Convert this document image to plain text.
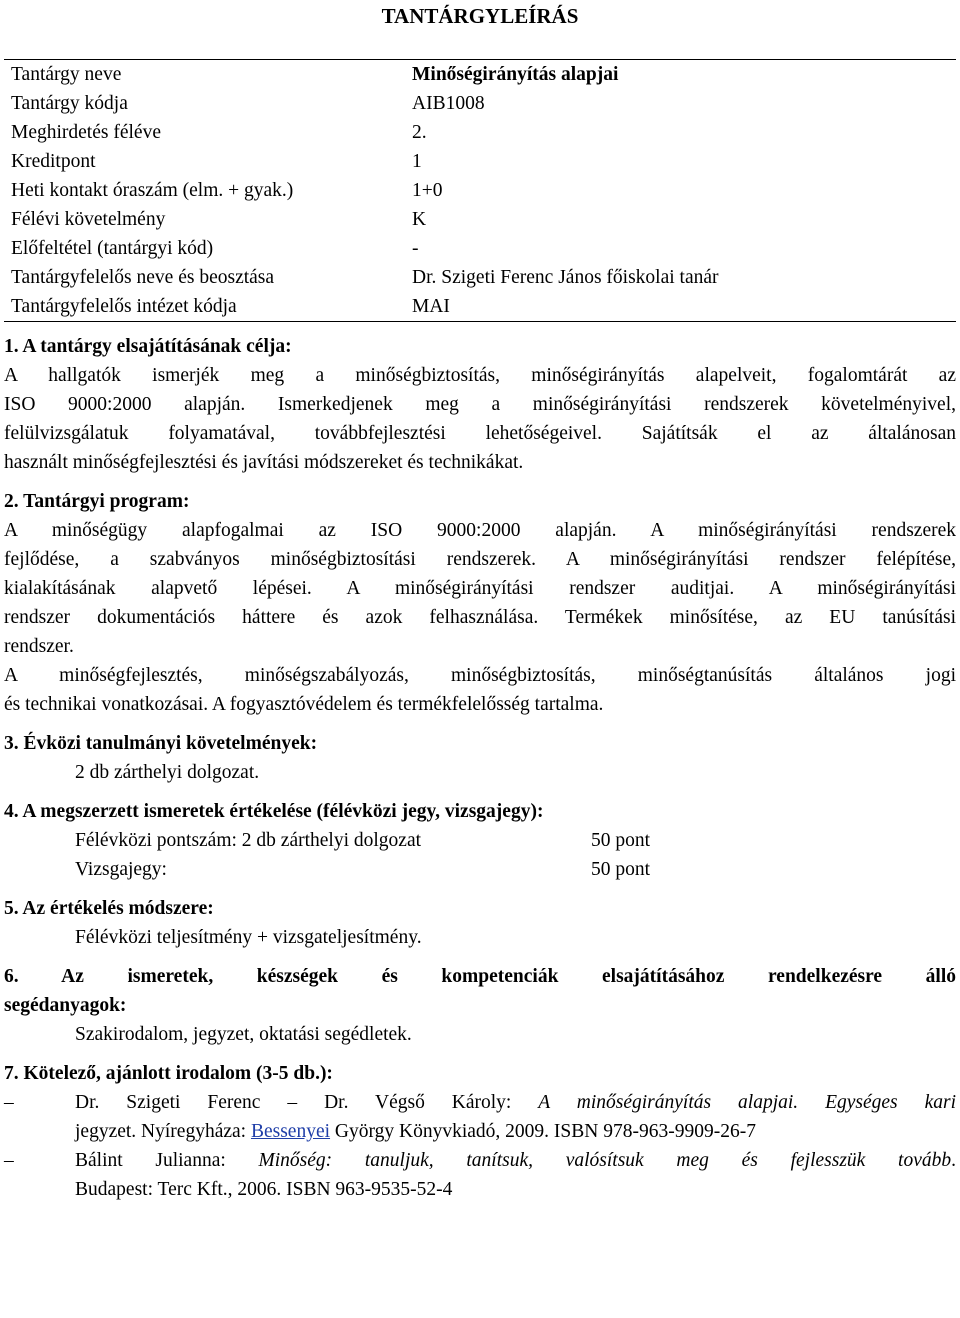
TANTÁRGYLEÍRÁS
Tantárgy neve	Minőségirányítás alapjai
Tantárgy kódja	AIB1008
Meghirdetés féléve	2.
Kreditpont	1
Heti kontakt óraszám (elm. + gyak.)	1+0
Félévi követelmény	K
Előfeltétel (tantárgyi kód)	-
Tantárgyfelelős neve és beosztása	Dr. Szigeti Ferenc János főiskolai tanár
Tantárgyfelelős intézet kódja	MAI
1. A tantárgy elsajátításának célja:
A hallgatók ismerjék meg a minőségbiztosítás, minőségirányítás alapelveit, fogalomtárát az
ISO 9000:2000 alapján. Ismerkedjenek meg a minőségirányítási rendszerek követelményivel,
felülvizsgálatuk folyamatával, továbbfejlesztési lehetőségeivel. Sajátítsák el az általánosan
használt minőségfejlesztési és javítási módszereket és technikákat.
2. Tantárgyi program:
A minőségügy alapfogalmai az ISO 9000:2000 alapján. A minőségirányítási rendszerek
fejlődése, a szabványos minőségbiztosítási rendszerek. A minőségirányítási rendszer felépítése,
kialakításának alapvető lépései. A minőségirányítási rendszer auditjai. A minőségirányítási
rendszer dokumentációs háttere és azok felhasználása. Termékek minősítése, az EU tanúsítási
rendszer.
A minőségfejlesztés, minőségszabályozás, minőségbiztosítás, minőségtanúsítás általános jogi
és technikai vonatkozásai. A fogyasztóvédelem és termékfelelősség tartalma.
3. Évközi tanulmányi követelmények:
2 db zárthelyi dolgozat.
4. A megszerzett ismeretek értékelése (félévközi jegy, vizsgajegy):
Félévközi pontszám: 2 db zárthelyi dolgozat	50 pont
Vizsgajegy:	50 pont
5. Az értékelés módszere:
Félévközi teljesítmény + vizsgateljesítmény.
6. Az ismeretek, készségek és kompetenciák elsajátításához rendelkezésre álló
segédanyagok:
Szakirodalom, jegyzet, oktatási segédletek.
7. Kötelező, ajánlott irodalom (3-5 db.):
–	Dr. Szigeti Ferenc – Dr. Végső Károly: A minőségirányítás alapjai. Egységes kari
jegyzet. Nyíregyháza: Bessenyei György Könyvkiadó, 2009. ISBN 978-963-9909-26-7
–	Bálint Julianna: Minőség: tanuljuk, tanítsuk, valósítsuk meg és fejlesszük tovább.
Budapest: Terc Kft., 2006. ISBN 963-9535-52-4
